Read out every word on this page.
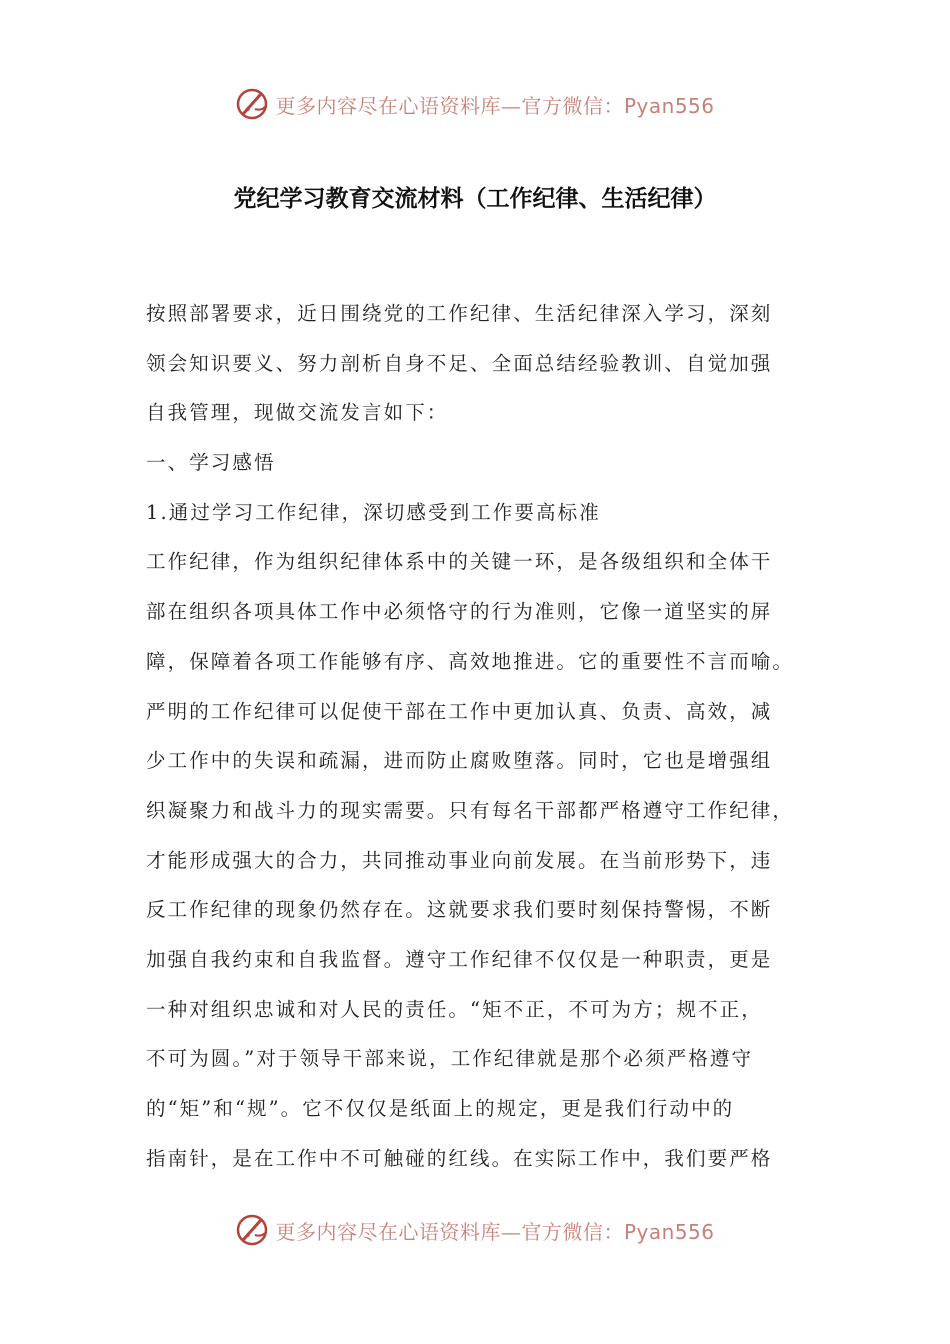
更多内容尽在心语资料库—官方微信：Pyan556
党纪学习教育交流材料（工作纪律、生活纪律）
按照部署要求，近日围绕党的工作纪律、生活纪律深入学习，深刻
领会知识要义、努力剖析自身不足、全面总结经验教训、自觉加强
自我管理，现做交流发言如下：
一、学习感悟
1.通过学习工作纪律，深切感受到工作要高标准
工作纪律，作为组织纪律体系中的关键一环，是各级组织和全体干
部在组织各项具体工作中必须恪守的行为准则，它像一道坚实的屏
障，保障着各项工作能够有序、高效地推进。它的重要性不言而喻。
严明的工作纪律可以促使干部在工作中更加认真、负责、高效，减
少工作中的失误和疏漏，进而防止腐败堕落。同时，它也是增强组
织凝聚力和战斗力的现实需要。只有每名干部都严格遵守工作纪律，
才能形成强大的合力，共同推动事业向前发展。在当前形势下，违
反工作纪律的现象仍然存在。这就要求我们要时刻保持警惕，不断
加强自我约束和自我监督。遵守工作纪律不仅仅是一种职责，更是
一种对组织忠诚和对人民的责任。“矩不正，不可为方；规不正，
不可为圆。”对于领导干部来说，工作纪律就是那个必须严格遵守
的“矩”和“规”。它不仅仅是纸面上的规定，更是我们行动中的
指南针，是在工作中不可触碰的红线。在实际工作中，我们要严格
更多内容尽在心语资料库—官方微信：Pyan556
